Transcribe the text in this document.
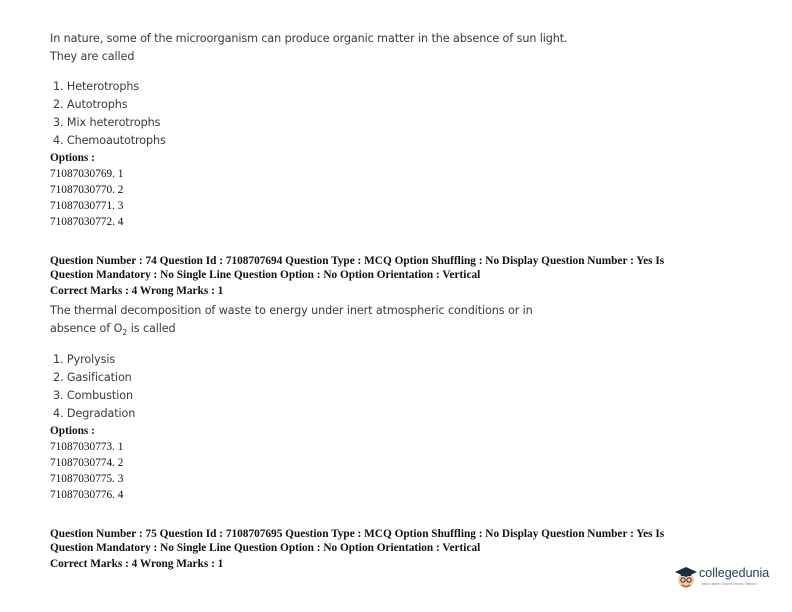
In nature, some of the microorganism can produce organic matter in the absence of sun light.
They are called
1. Heterotrophs
2. Autotrophs
3. Mix heterotrophs
4. Chemoautotrophs
Options :
71087030769. 1
71087030770. 2
71087030771. 3
71087030772. 4
Question Number : 74 Question Id : 7108707694 Question Type : MCQ Option Shuffling : No Display Question Number : Yes Is
Question Mandatory : No Single Line Question Option : No Option Orientation : Vertical
Correct Marks : 4 Wrong Marks : 1
The thermal decomposition of waste to energy under inert atmospheric conditions or in
absence of $O_2$ is called
1. Pyrolysis
2. Gasification
3. Combustion
4. Degradation
Options :
71087030773. 1
71087030774. 2
71087030775. 3
71087030776. 4
Question Number : 75 Question Id : 7108707695 Question Type : MCQ Option Shuffling : No Display Question Number : Yes Is
Question Mandatory : No Single Line Question Option : No Option Orientation : Vertical
Correct Marks : 4 Wrong Marks : 1
collegedunia
India's largest Student Review Platform
